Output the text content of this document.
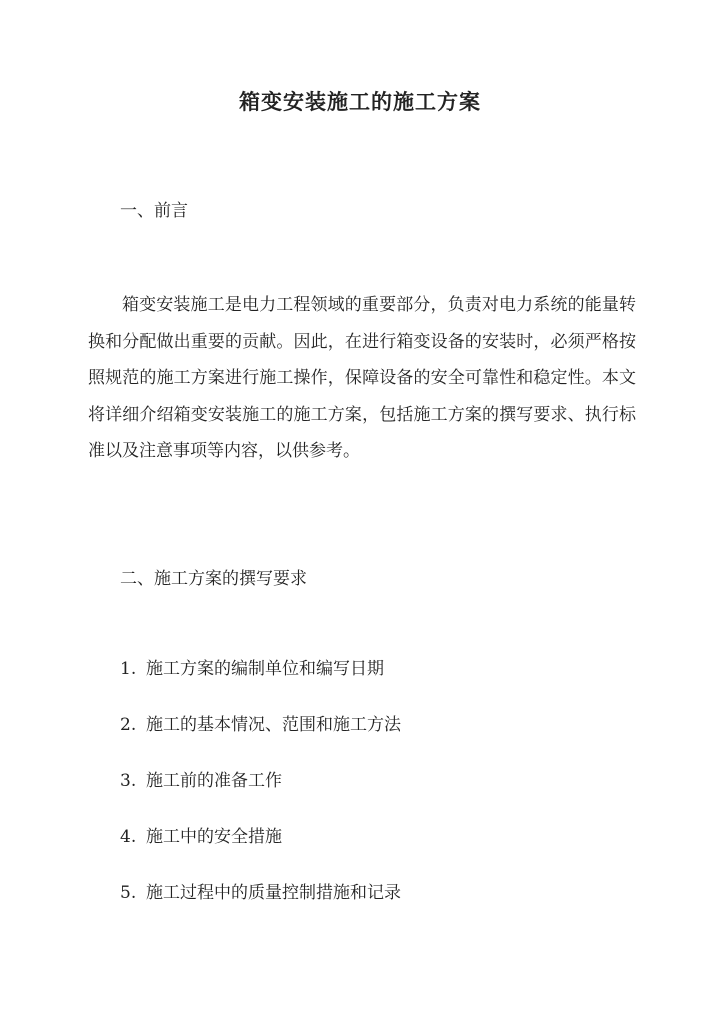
箱变安装施工的施工方案
一、前言

箱变安装施工是电力工程领域的重要部分，负责对电力系统的能量转换和分配做出重要的贡献。因此，在进行箱变设备的安装时，必须严格按照规范的施工方案进行施工操作，保障设备的安全可靠性和稳定性。本文将详细介绍箱变安装施工的施工方案，包括施工方案的撰写要求、执行标准以及注意事项等内容，以供参考。

二、施工方案的撰写要求
1. 施工方案的编制单位和编写日期
2. 施工的基本情况、范围和施工方法
3. 施工前的准备工作
4. 施工中的安全措施
5. 施工过程中的质量控制措施和记录
